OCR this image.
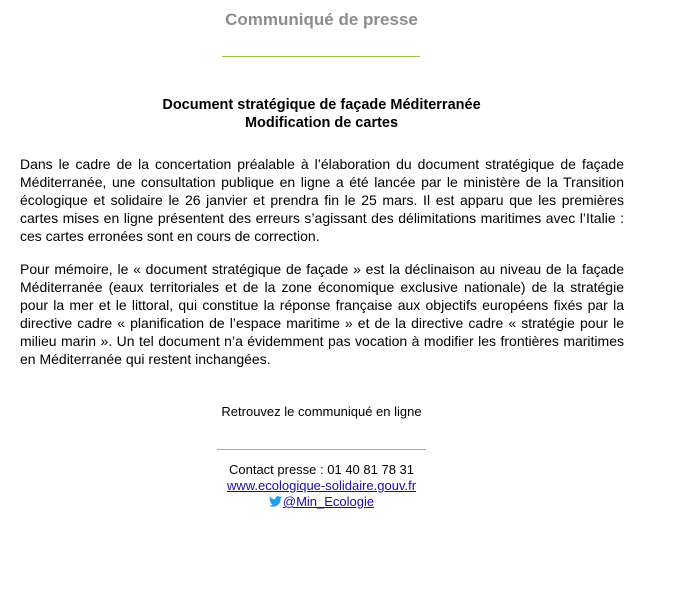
Communiqué de presse
Document stratégique de façade Méditerranée
Modification de cartes

Dans le cadre de la concertation préalable à l’élaboration du document stratégique de façade Méditerranée, une consultation publique en ligne a été lancée par le ministère de la Transition écologique et solidaire le 26 janvier et prendra fin le 25 mars. Il est apparu que les premières cartes mises en ligne présentent des erreurs s’agissant des délimitations maritimes avec l’Italie : ces cartes erronées sont en cours de correction.

Pour mémoire, le « document stratégique de façade » est la déclinaison au niveau de la façade Méditerranée (eaux territoriales et de la zone économique exclusive nationale) de la stratégie pour la mer et le littoral, qui constitue la réponse française aux objectifs européens fixés par la directive cadre « planification de l’espace maritime » et de la directive cadre « stratégie pour le milieu marin ». Un tel document n’a évidemment pas vocation à modifier les frontières maritimes en Méditerranée qui restent inchangées.

Retrouvez le communiqué en ligne
Contact presse : 01 40 81 78 31
www.ecologique-solidaire.gouv.fr
@Min_Ecologie
